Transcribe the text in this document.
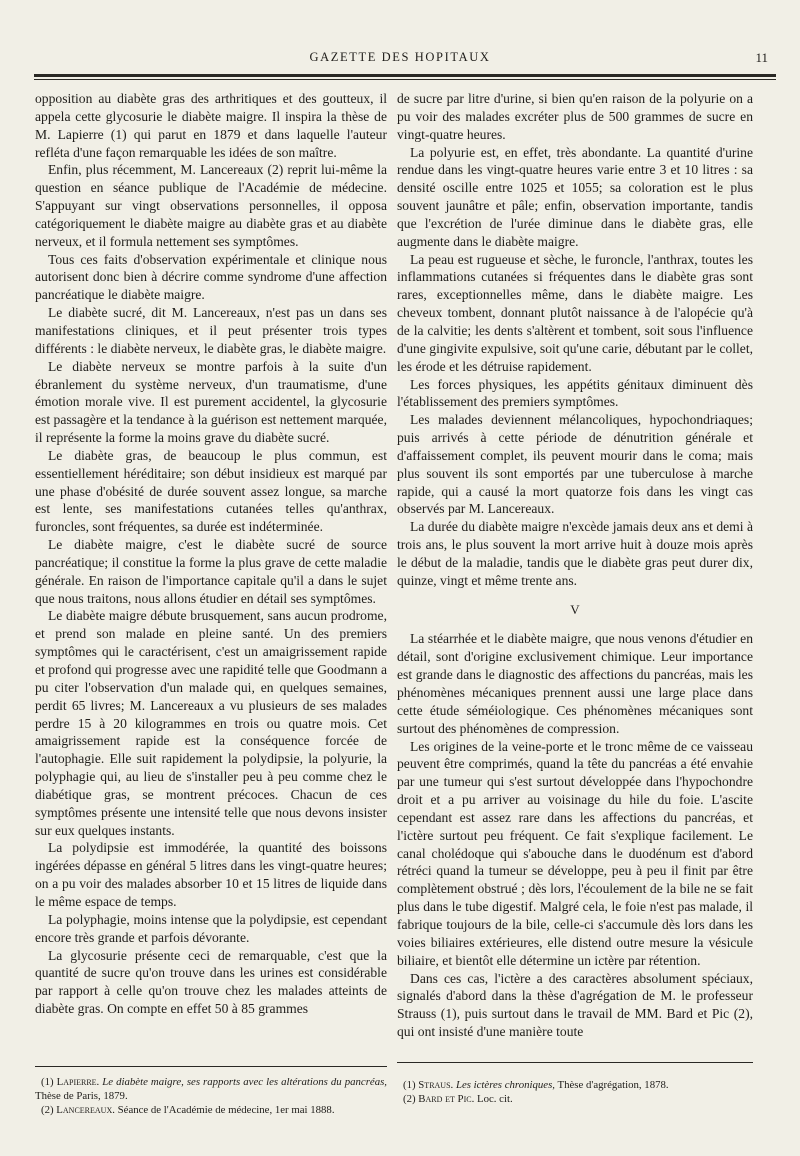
GAZETTE DES HOPITAUX	11

opposition au diabète gras des arthritiques et des goutteux, il appela cette glycosurie le diabète maigre. Il inspira la thèse de M. Lapierre (1) qui parut en 1879 et dans laquelle l'auteur refléta d'une façon remarquable les idées de son maître.

Enfin, plus récemment, M. Lancereaux (2) reprit lui-même la question en séance publique de l'Académie de médecine. S'appuyant sur vingt observations personnelles, il opposa catégoriquement le diabète maigre au diabète gras et au diabète nerveux, et il formula nettement ses symptômes.

Tous ces faits d'observation expérimentale et clinique nous autorisent donc bien à décrire comme syndrome d'une affection pancréatique le diabète maigre.

Le diabète sucré, dit M. Lancereaux, n'est pas un dans ses manifestations cliniques, et il peut présenter trois types différents : le diabète nerveux, le diabète gras, le diabète maigre.

Le diabète nerveux se montre parfois à la suite d'un ébranlement du système nerveux, d'un traumatisme, d'une émotion morale vive. Il est purement accidentel, la glycosurie est passagère et la tendance à la guérison est nettement marquée, il représente la forme la moins grave du diabète sucré.

Le diabète gras, de beaucoup le plus commun, est essentiellement héréditaire; son début insidieux est marqué par une phase d'obésité de durée souvent assez longue, sa marche est lente, ses manifestations cutanées telles qu'anthrax, furoncles, sont fréquentes, sa durée est indéterminée.

Le diabète maigre, c'est le diabète sucré de source pancréatique; il constitue la forme la plus grave de cette maladie générale. En raison de l'importance capitale qu'il a dans le sujet que nous traitons, nous allons étudier en détail ses symptômes.

Le diabète maigre débute brusquement, sans aucun prodrome, et prend son malade en pleine santé. Un des premiers symptômes qui le caractérisent, c'est un amaigrissement rapide et profond qui progresse avec une rapidité telle que Goodmann a pu citer l'observation d'un malade qui, en quelques semaines, perdit 65 livres; M. Lancereaux a vu plusieurs de ses malades perdre 15 à 20 kilogrammes en trois ou quatre mois. Cet amaigrissement rapide est la conséquence forcée de l'autophagie. Elle suit rapidement la polydipsie, la polyurie, la polyphagie qui, au lieu de s'installer peu à peu comme chez le diabétique gras, se montrent précoces. Chacun de ces symptômes présente une intensité telle que nous devons insister sur eux quelques instants.

La polydipsie est immodérée, la quantité des boissons ingérées dépasse en général 5 litres dans les vingt-quatre heures; on a pu voir des malades absorber 10 et 15 litres de liquide dans le même espace de temps.

La polyphagie, moins intense que la polydipsie, est cependant encore très grande et parfois dévorante.

La glycosurie présente ceci de remarquable, c'est que la quantité de sucre qu'on trouve dans les urines est considérable par rapport à celle qu'on trouve chez les malades atteints de diabète gras. On compte en effet 50 à 85 grammes

de sucre par litre d'urine, si bien qu'en raison de la polyurie on a pu voir des malades excréter plus de 500 grammes de sucre en vingt-quatre heures.

La polyurie est, en effet, très abondante. La quantité d'urine rendue dans les vingt-quatre heures varie entre 3 et 10 litres : sa densité oscille entre 1025 et 1055; sa coloration est le plus souvent jaunâtre et pâle; enfin, observation importante, tandis que l'excrétion de l'urée diminue dans le diabète gras, elle augmente dans le diabète maigre.

La peau est rugueuse et sèche, le furoncle, l'anthrax, toutes les inflammations cutanées si fréquentes dans le diabète gras sont rares, exceptionnelles même, dans le diabète maigre. Les cheveux tombent, donnant plutôt naissance à de l'alopécie qu'à de la calvitie; les dents s'altèrent et tombent, soit sous l'influence d'une gingivite expulsive, soit qu'une carie, débutant par le collet, les érode et les détruise rapidement.

Les forces physiques, les appétits génitaux diminuent dès l'établissement des premiers symptômes.

Les malades deviennent mélancoliques, hypochondriaques; puis arrivés à cette période de dénutrition générale et d'affaissement complet, ils peuvent mourir dans le coma; mais plus souvent ils sont emportés par une tuberculose à marche rapide, qui a causé la mort quatorze fois dans les vingt cas observés par M. Lancereaux.

La durée du diabète maigre n'excède jamais deux ans et demi à trois ans, le plus souvent la mort arrive huit à douze mois après le début de la maladie, tandis que le diabète gras peut durer dix, quinze, vingt et même trente ans.

V

La stéarrhée et le diabète maigre, que nous venons d'étudier en détail, sont d'origine exclusivement chimique. Leur importance est grande dans le diagnostic des affections du pancréas, mais les phénomènes mécaniques prennent aussi une large place dans cette étude séméiologique. Ces phénomènes mécaniques sont surtout des phénomènes de compression.

Les origines de la veine-porte et le tronc même de ce vaisseau peuvent être comprimés, quand la tête du pancréas a été envahie par une tumeur qui s'est surtout développée dans l'hypochondre droit et a pu arriver au voisinage du hile du foie. L'ascite cependant est assez rare dans les affections du pancréas, et l'ictère surtout peu fréquent. Ce fait s'explique facilement. Le canal cholédoque qui s'abouche dans le duodénum est d'abord rétréci quand la tumeur se développe, peu à peu il finit par être complètement obstrué ; dès lors, l'écoulement de la bile ne se fait plus dans le tube digestif. Malgré cela, le foie n'est pas malade, il fabrique toujours de la bile, celle-ci s'accumule dès lors dans les voies biliaires extérieures, elle distend outre mesure la vésicule biliaire, et bientôt elle détermine un ictère par rétention.

Dans ces cas, l'ictère a des caractères absolument spéciaux, signalés d'abord dans la thèse d'agrégation de M. le professeur Strauss (1), puis surtout dans le travail de MM. Bard et Pic (2), qui ont insisté d'une manière toute

(1) Lapierre. Le diabète maigre, ses rapports avec les altérations du pancréas, Thèse de Paris, 1879.

(2) Lancereaux. Séance de l'Académie de médecine, 1er mai 1888.

(1) Straus. Les ictères chroniques, Thèse d'agrégation, 1878.

(2) Bard et Pic. Loc. cit.
